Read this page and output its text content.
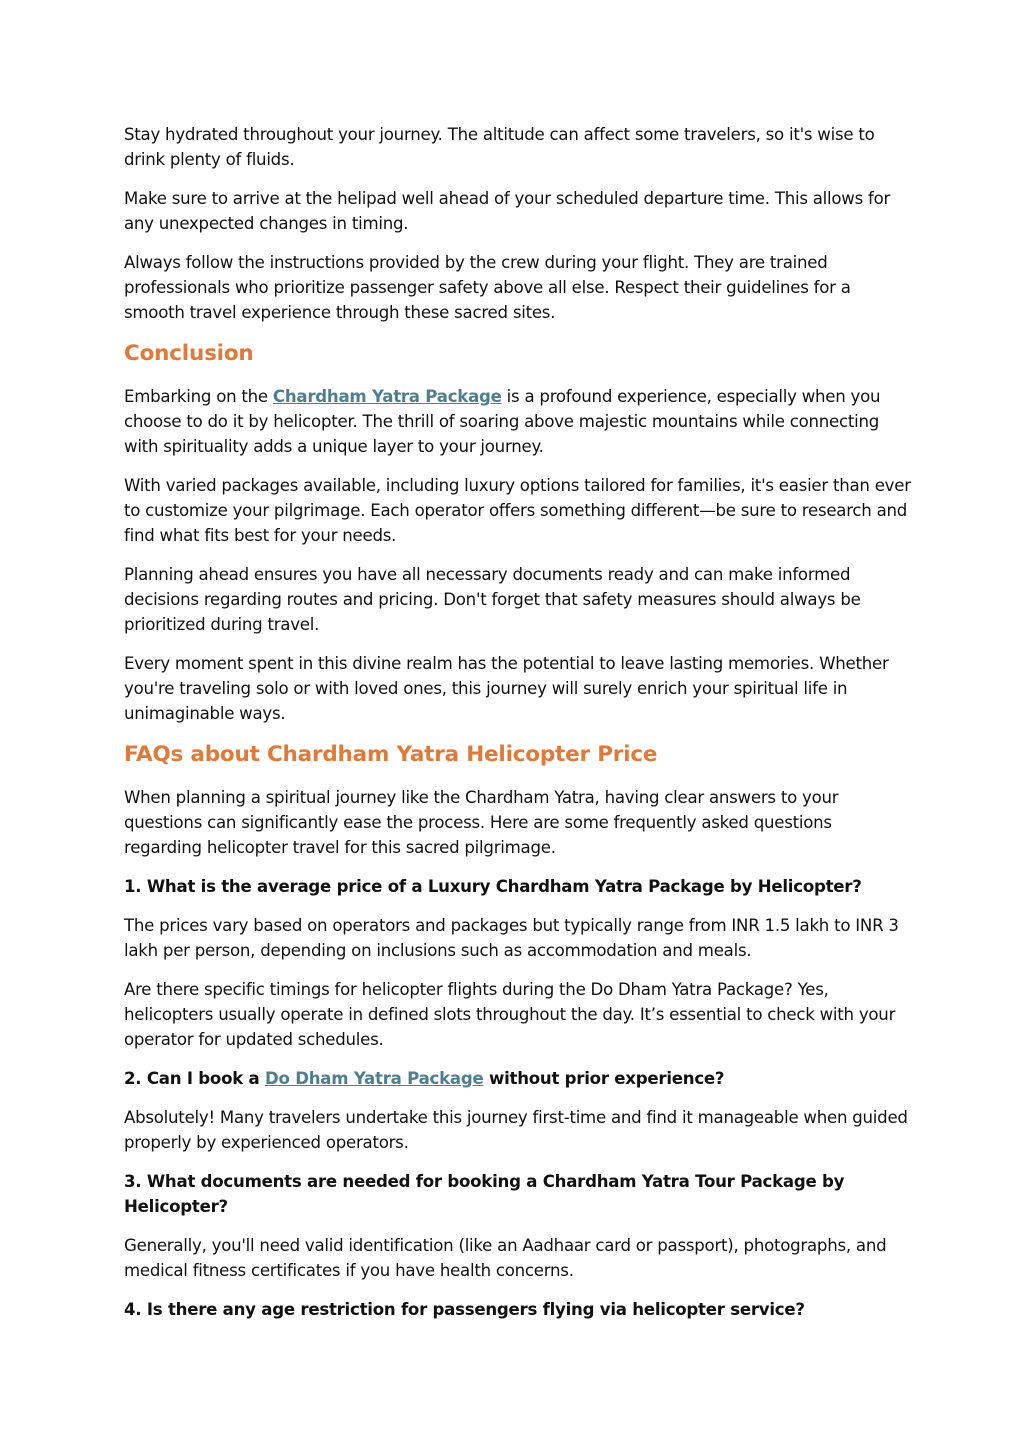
Stay hydrated throughout your journey. The altitude can affect some travelers, so it's wise to drink plenty of fluids.

Make sure to arrive at the helipad well ahead of your scheduled departure time. This allows for any unexpected changes in timing.

Always follow the instructions provided by the crew during your flight. They are trained professionals who prioritize passenger safety above all else. Respect their guidelines for a smooth travel experience through these sacred sites.

Conclusion

Embarking on the Chardham Yatra Package is a profound experience, especially when you choose to do it by helicopter. The thrill of soaring above majestic mountains while connecting with spirituality adds a unique layer to your journey.

With varied packages available, including luxury options tailored for families, it's easier than ever to customize your pilgrimage. Each operator offers something different—be sure to research and find what fits best for your needs.

Planning ahead ensures you have all necessary documents ready and can make informed decisions regarding routes and pricing. Don't forget that safety measures should always be prioritized during travel.

Every moment spent in this divine realm has the potential to leave lasting memories. Whether you're traveling solo or with loved ones, this journey will surely enrich your spiritual life in unimaginable ways.

FAQs about Chardham Yatra Helicopter Price

When planning a spiritual journey like the Chardham Yatra, having clear answers to your questions can significantly ease the process. Here are some frequently asked questions regarding helicopter travel for this sacred pilgrimage.

1. What is the average price of a Luxury Chardham Yatra Package by Helicopter?

The prices vary based on operators and packages but typically range from INR 1.5 lakh to INR 3 lakh per person, depending on inclusions such as accommodation and meals.

Are there specific timings for helicopter flights during the Do Dham Yatra Package? Yes, helicopters usually operate in defined slots throughout the day. It’s essential to check with your operator for updated schedules.

2. Can I book a Do Dham Yatra Package without prior experience?

Absolutely! Many travelers undertake this journey first-time and find it manageable when guided properly by experienced operators.

3. What documents are needed for booking a Chardham Yatra Tour Package by Helicopter?

Generally, you'll need valid identification (like an Aadhaar card or passport), photographs, and medical fitness certificates if you have health concerns.

4. Is there any age restriction for passengers flying via helicopter service?
